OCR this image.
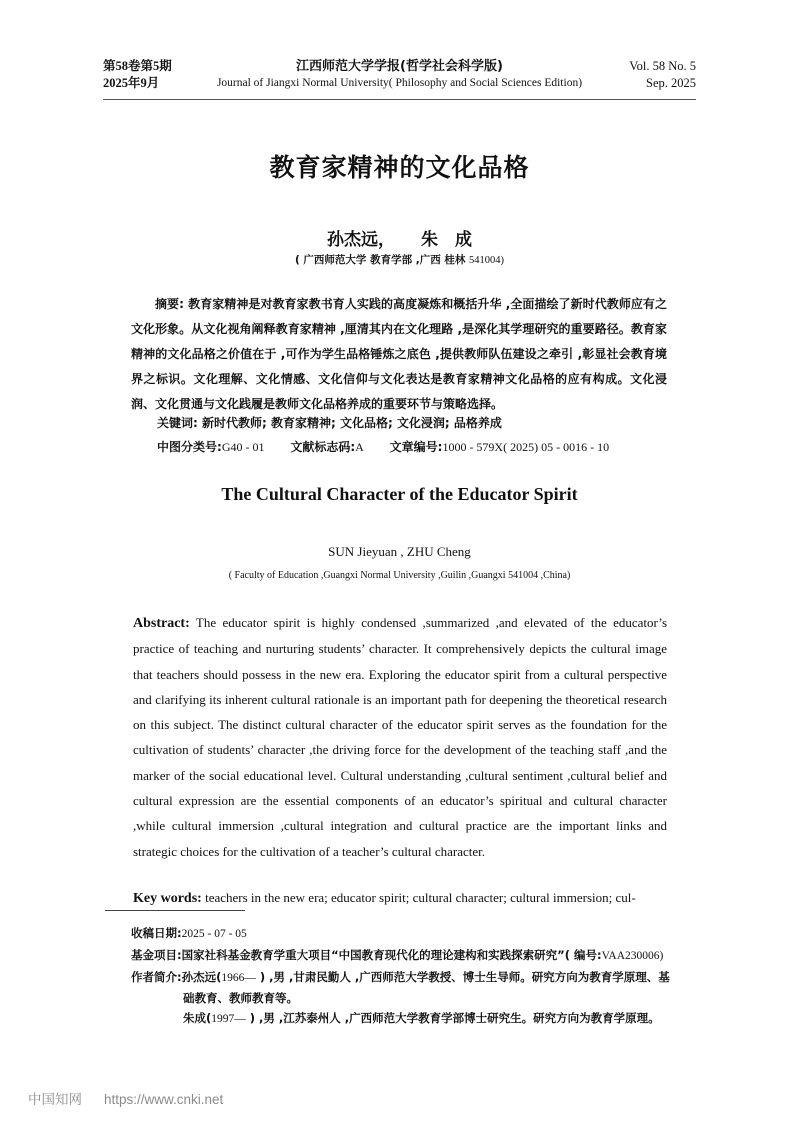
第58卷第5期
2025年9月
江西师范大学学报(哲学社会科学版)
Journal of Jiangxi Normal University( Philosophy and Social Sciences Edition)
Vol. 58 No. 5
Sep. 2025
教育家精神的文化品格
孙杰远， 朱　成
( 广西师范大学 教育学部 ,广西 桂林 541004)
摘要: 教育家精神是对教育家教书育人实践的高度凝炼和概括升华 ,全面描绘了新时代教师应有之文化形象。从文化视角阐释教育家精神 ,厘清其内在文化理路 ,是深化其学理研究的重要路径。教育家精神的文化品格之价值在于 ,可作为学生品格锤炼之底色 ,提供教师队伍建设之牵引 ,彰显社会教育境界之标识。文化理解、文化情感、文化信仰与文化表达是教育家精神文化品格的应有构成。文化浸润、文化贯通与文化践履是教师文化品格养成的重要环节与策略选择。
关键词: 新时代教师; 教育家精神; 文化品格; 文化浸润; 品格养成
中图分类号:G40 - 01 文献标志码:A 文章编号:1000 - 579X( 2025) 05 - 0016 - 10
The Cultural Character of the Educator Spirit
SUN Jieyuan , ZHU Cheng
( Faculty of Education ,Guangxi Normal University ,Guilin ,Guangxi 541004 ,China)
Abstract: The educator spirit is highly condensed ,summarized ,and elevated of the educator’s practice of teaching and nurturing students’ character. It comprehensively depicts the cultural image that teachers should possess in the new era. Exploring the educator spirit from a cultural perspective and clarifying its inherent cultural rationale is an important path for deepening the theoretical research on this subject. The distinct cultural character of the educator spirit serves as the foundation for the cultivation of students’ character ,the driving force for the development of the teaching staff ,and the marker of the social educational level. Cultural understanding ,cultural sentiment ,cultural belief and cultural expression are the essential components of an educator’s spiritual and cultural character ,while cultural immersion ,cultural integration and cultural practice are the important links and strategic choices for the cultivation of a teacher’s cultural character.
Key words: teachers in the new era; educator spirit; cultural character; cultural immersion; cul-
收稿日期:2025 - 07 - 05
基金项目:国家社科基金教育学重大项目“中国教育现代化的理论建构和实践探索研究”( 编号:VAA230006)
作者简介:孙杰远(1966— ) ,男 ,甘肃民勤人 ,广西师范大学教授、博士生导师。研究方向为教育学原理、基
础教育、教师教育等。
朱成(1997— ) ,男 ,江苏泰州人 ,广西师范大学教育学部博士研究生。研究方向为教育学原理。
中国知网 https://www.cnki.net
